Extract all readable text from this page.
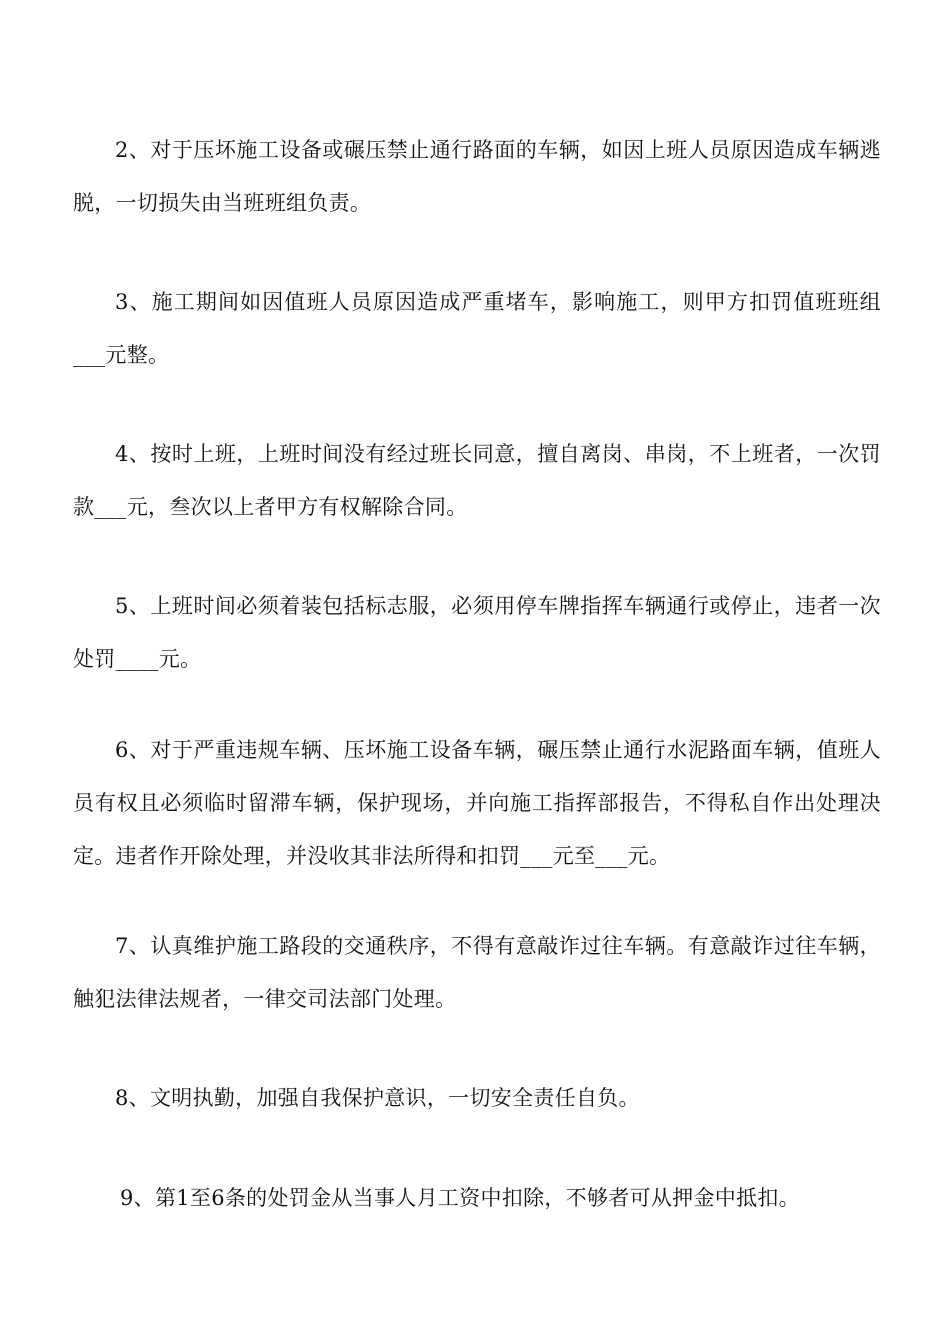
2、对于压坏施工设备或碾压禁止通行路面的车辆，如因上班人员原因造成车辆逃脱，一切损失由当班班组负责。

3、施工期间如因值班人员原因造成严重堵车，影响施工，则甲方扣罚值班班组___元整。

4、按时上班，上班时间没有经过班长同意，擅自离岗、串岗，不上班者，一次罚款___元，叁次以上者甲方有权解除合同。

5、上班时间必须着装包括标志服，必须用停车牌指挥车辆通行或停止，违者一次处罚____元。

6、对于严重违规车辆、压坏施工设备车辆，碾压禁止通行水泥路面车辆，值班人员有权且必须临时留滞车辆，保护现场，并向施工指挥部报告，不得私自作出处理决定。违者作开除处理，并没收其非法所得和扣罚___元至___元。

7、认真维护施工路段的交通秩序，不得有意敲诈过往车辆。有意敲诈过往车辆，触犯法律法规者，一律交司法部门处理。

8、文明执勤，加强自我保护意识，一切安全责任自负。

9、第1至6条的处罚金从当事人月工资中扣除，不够者可从押金中抵扣。
